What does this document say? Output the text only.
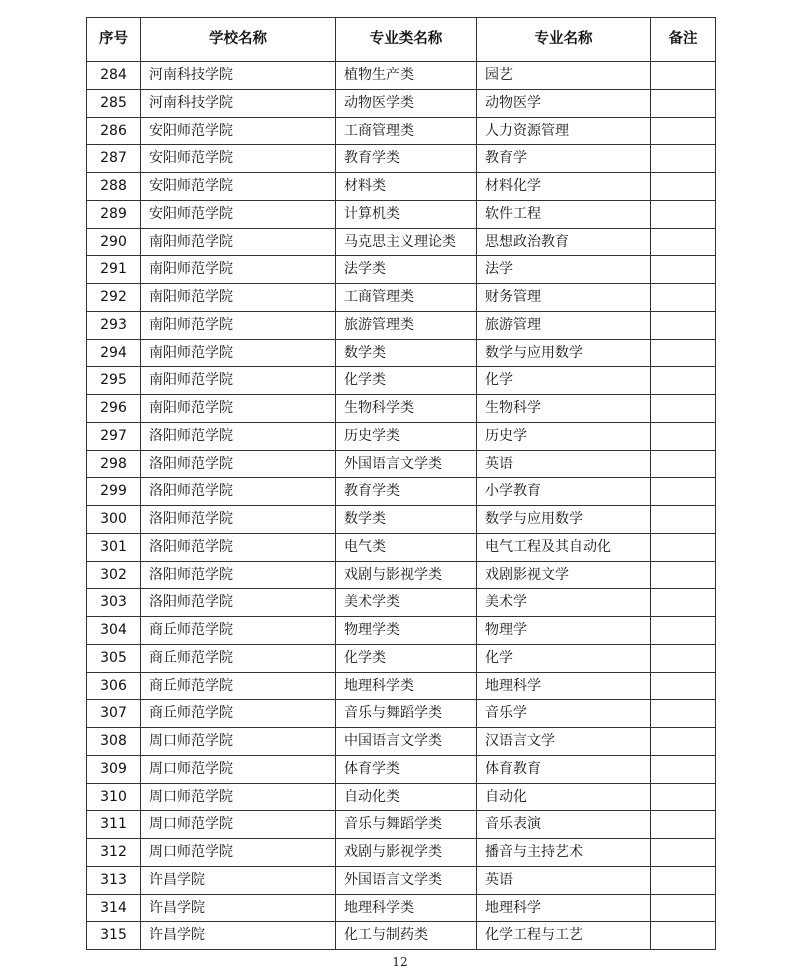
序号	学校名称	专业类名称	专业名称	备注
284	河南科技学院	植物生产类	园艺	
285	河南科技学院	动物医学类	动物医学	
286	安阳师范学院	工商管理类	人力资源管理	
287	安阳师范学院	教育学类	教育学	
288	安阳师范学院	材料类	材料化学	
289	安阳师范学院	计算机类	软件工程	
290	南阳师范学院	马克思主义理论类	思想政治教育	
291	南阳师范学院	法学类	法学	
292	南阳师范学院	工商管理类	财务管理	
293	南阳师范学院	旅游管理类	旅游管理	
294	南阳师范学院	数学类	数学与应用数学	
295	南阳师范学院	化学类	化学	
296	南阳师范学院	生物科学类	生物科学	
297	洛阳师范学院	历史学类	历史学	
298	洛阳师范学院	外国语言文学类	英语	
299	洛阳师范学院	教育学类	小学教育	
300	洛阳师范学院	数学类	数学与应用数学	
301	洛阳师范学院	电气类	电气工程及其自动化	
302	洛阳师范学院	戏剧与影视学类	戏剧影视文学	
303	洛阳师范学院	美术学类	美术学	
304	商丘师范学院	物理学类	物理学	
305	商丘师范学院	化学类	化学	
306	商丘师范学院	地理科学类	地理科学	
307	商丘师范学院	音乐与舞蹈学类	音乐学	
308	周口师范学院	中国语言文学类	汉语言文学	
309	周口师范学院	体育学类	体育教育	
310	周口师范学院	自动化类	自动化	
311	周口师范学院	音乐与舞蹈学类	音乐表演	
312	周口师范学院	戏剧与影视学类	播音与主持艺术	
313	许昌学院	外国语言文学类	英语	
314	许昌学院	地理科学类	地理科学	
315	许昌学院	化工与制药类	化学工程与工艺	
12
